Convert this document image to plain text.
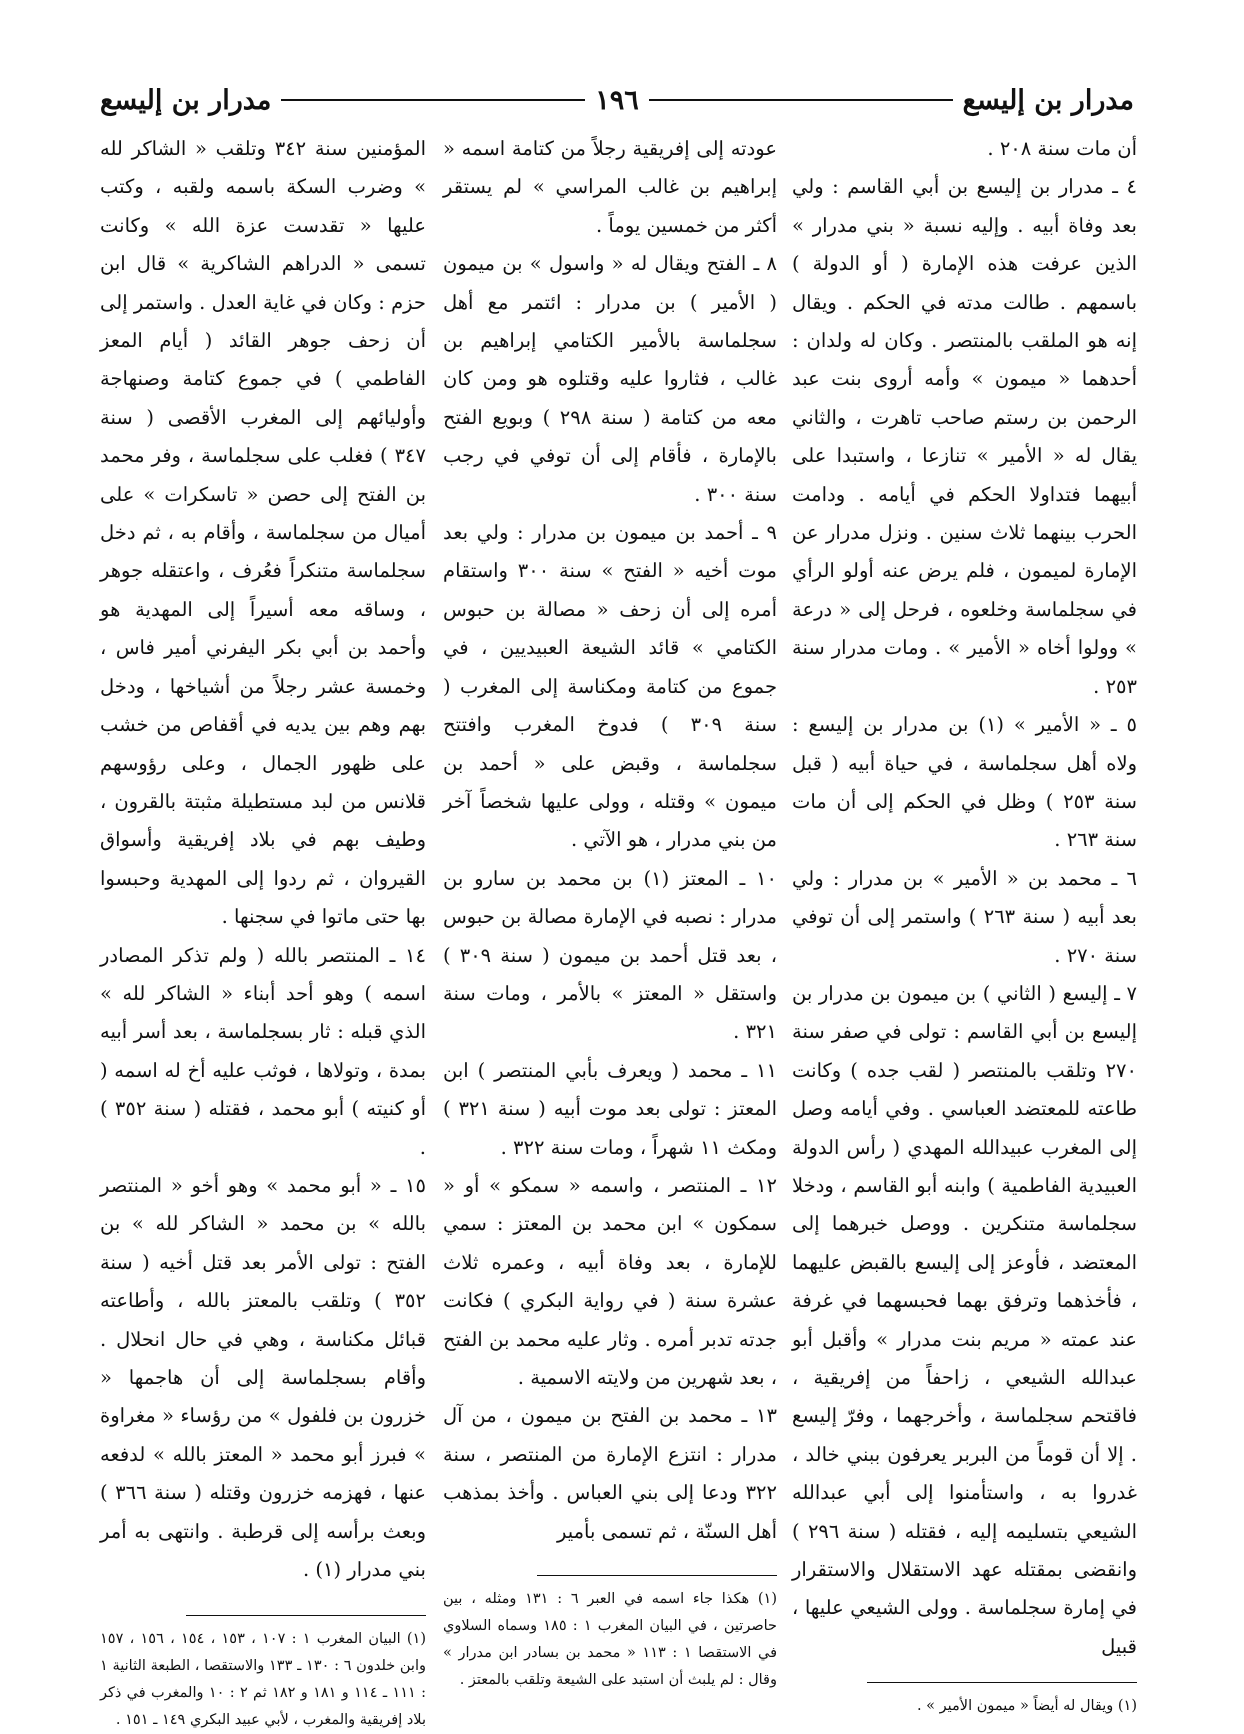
مدرار بن إليسع
١٩٦
مدرار بن إليسع

أن مات سنة ٢٠٨ .

٤ ـ مدرار بن إليسع بن أبي القاسم : ولي بعد وفاة أبيه . وإليه نسبة « بني مدرار » الذين عرفت هذه الإمارة ( أو الدولة ) باسمهم . طالت مدته في الحكم . ويقال إنه هو الملقب بالمنتصر . وكان له ولدان : أحدهما « ميمون » وأمه أروى بنت عبد الرحمن بن رستم صاحب تاهرت ، والثاني يقال له « الأمير » تنازعا ، واستبدا على أبيهما فتداولا الحكم في أيامه . ودامت الحرب بينهما ثلاث سنين . ونزل مدرار عن الإمارة لميمون ، فلم يرض عنه أولو الرأي في سجلماسة وخلعوه ، فرحل إلى « درعة » وولوا أخاه « الأمير » . ومات مدرار سنة ٢٥٣ .

٥ ـ « الأمير » (١) بن مدرار بن إليسع : ولاه أهل سجلماسة ، في حياة أبيه ( قبل سنة ٢٥٣ ) وظل في الحكم إلى أن مات سنة ٢٦٣ .

٦ ـ محمد بن « الأمير » بن مدرار : ولي بعد أبيه ( سنة ٢٦٣ ) واستمر إلى أن توفي سنة ٢٧٠ .

٧ ـ إليسع ( الثاني ) بن ميمون بن مدرار بن إليسع بن أبي القاسم : تولى في صفر سنة ٢٧٠ وتلقب بالمنتصر ( لقب جده ) وكانت طاعته للمعتضد العباسي . وفي أيامه وصل إلى المغرب عبيدالله المهدي ( رأس الدولة العبيدية الفاطمية ) وابنه أبو القاسم ، ودخلا سجلماسة متنكرين . ووصل خبرهما إلى المعتضد ، فأوعز إلى إليسع بالقبض عليهما ، فأخذهما وترفق بهما فحبسهما في غرفة عند عمته « مريم بنت مدرار » وأقبل أبو عبدالله الشيعي ، زاحفاً من إفريقية ، فاقتحم سجلماسة ، وأخرجهما ، وفرّ إليسع . إلا أن قوماً من البربر يعرفون ببني خالد ، غدروا به ، واستأمنوا إلى أبي عبدالله الشيعي بتسليمه إليه ، فقتله ( سنة ٢٩٦ ) وانقضى بمقتله عهد الاستقلال والاستقرار في إمارة سجلماسة . وولى الشيعي عليها ، قبيل

(١) ويقال له أيضاً « ميمون الأمير » .

عودته إلى إفريقية رجلاً من كتامة اسمه « إبراهيم بن غالب المراسي » لم يستقر أكثر من خمسين يوماً .

٨ ـ الفتح ويقال له « واسول » بن ميمون ( الأمير ) بن مدرار : ائتمر مع أهل سجلماسة بالأمير الكتامي إبراهيم بن غالب ، فثاروا عليه وقتلوه هو ومن كان معه من كتامة ( سنة ٢٩٨ ) وبويع الفتح بالإمارة ، فأقام إلى أن توفي في رجب سنة ٣٠٠ .

٩ ـ أحمد بن ميمون بن مدرار : ولي بعد موت أخيه « الفتح » سنة ٣٠٠ واستقام أمره إلى أن زحف « مصالة بن حبوس الكتامي » قائد الشيعة العبيديين ، في جموع من كتامة ومكناسة إلى المغرب ( سنة ٣٠٩ ) فدوخ المغرب وافتتح سجلماسة ، وقبض على « أحمد بن ميمون » وقتله ، وولى عليها شخصاً آخر من بني مدرار ، هو الآتي .

١٠ ـ المعتز (١) بن محمد بن سارو بن مدرار : نصبه في الإمارة مصالة بن حبوس ، بعد قتل أحمد بن ميمون ( سنة ٣٠٩ ) واستقل « المعتز » بالأمر ، ومات سنة ٣٢١ .

١١ ـ محمد ( ويعرف بأبي المنتصر ) ابن المعتز : تولى بعد موت أبيه ( سنة ٣٢١ ) ومكث ١١ شهراً ، ومات سنة ٣٢٢ .

١٢ ـ المنتصر ، واسمه « سمكو » أو « سمكون » ابن محمد بن المعتز : سمي للإمارة ، بعد وفاة أبيه ، وعمره ثلاث عشرة سنة ( في رواية البكري ) فكانت جدته تدبر أمره . وثار عليه محمد بن الفتح ، بعد شهرين من ولايته الاسمية .

١٣ ـ محمد بن الفتح بن ميمون ، من آل مدرار : انتزع الإمارة من المنتصر ، سنة ٣٢٢ ودعا إلى بني العباس . وأخذ بمذهب أهل السنّة ، ثم تسمى بأمير

(١) هكذا جاء اسمه في العبر ٦ : ١٣١ ومثله ، بين حاصرتين ، في البيان المغرب ١ : ١٨٥ وسماه السلاوي في الاستقصا ١ : ١١٣ « محمد بن بسادر ابن مدرار » وقال : لم يلبث أن استبد على الشيعة وتلقب بالمعتز .

المؤمنين سنة ٣٤٢ وتلقب « الشاكر لله » وضرب السكة باسمه ولقبه ، وكتب عليها « تقدست عزة الله » وكانت تسمى « الدراهم الشاكرية » قال ابن حزم : وكان في غاية العدل . واستمر إلى أن زحف جوهر القائد ( أيام المعز الفاطمي ) في جموع كتامة وصنهاجة وأوليائهم إلى المغرب الأقصى ( سنة ٣٤٧ ) فغلب على سجلماسة ، وفر محمد بن الفتح إلى حصن « تاسكرات » على أميال من سجلماسة ، وأقام به ، ثم دخل سجلماسة متنكراً فعُرف ، واعتقله جوهر ، وساقه معه أسيراً إلى المهدية هو وأحمد بن أبي بكر اليفرني أمير فاس ، وخمسة عشر رجلاً من أشياخها ، ودخل بهم وهم بين يديه في أقفاص من خشب على ظهور الجمال ، وعلى رؤوسهم قلانس من لبد مستطيلة مثبتة بالقرون ، وطيف بهم في بلاد إفريقية وأسواق القيروان ، ثم ردوا إلى المهدية وحبسوا بها حتى ماتوا في سجنها .

١٤ ـ المنتصر بالله ( ولم تذكر المصادر اسمه ) وهو أحد أبناء « الشاكر لله » الذي قبله : ثار بسجلماسة ، بعد أسر أبيه بمدة ، وتولاها ، فوثب عليه أخ له اسمه ( أو كنيته ) أبو محمد ، فقتله ( سنة ٣٥٢ ) .

١٥ ـ « أبو محمد » وهو أخو « المنتصر بالله » بن محمد « الشاكر لله » بن الفتح : تولى الأمر بعد قتل أخيه ( سنة ٣٥٢ ) وتلقب بالمعتز بالله ، وأطاعته قبائل مكناسة ، وهي في حال انحلال . وأقام بسجلماسة إلى أن هاجمها « خزرون بن فلفول » من رؤساء « مغراوة » فبرز أبو محمد « المعتز بالله » لدفعه عنها ، فهزمه خزرون وقتله ( سنة ٣٦٦ ) وبعث برأسه إلى قرطبة . وانتهى به أمر بني مدرار (١) .

(١) البيان المغرب ١ : ١٠٧ ، ١٥٣ ، ١٥٤ ، ١٥٦ ، ١٥٧ وابن خلدون ٦ : ١٣٠ ـ ١٣٣ والاستقصا ، الطبعة الثانية ١ : ١١١ ـ ١١٤ و ١٨١ و ١٨٢ ثم ٢ : ١٠ والمغرب في ذكر بلاد إفريقية والمغرب ، لأبي عبيد البكري ١٤٩ ـ ١٥١ .
